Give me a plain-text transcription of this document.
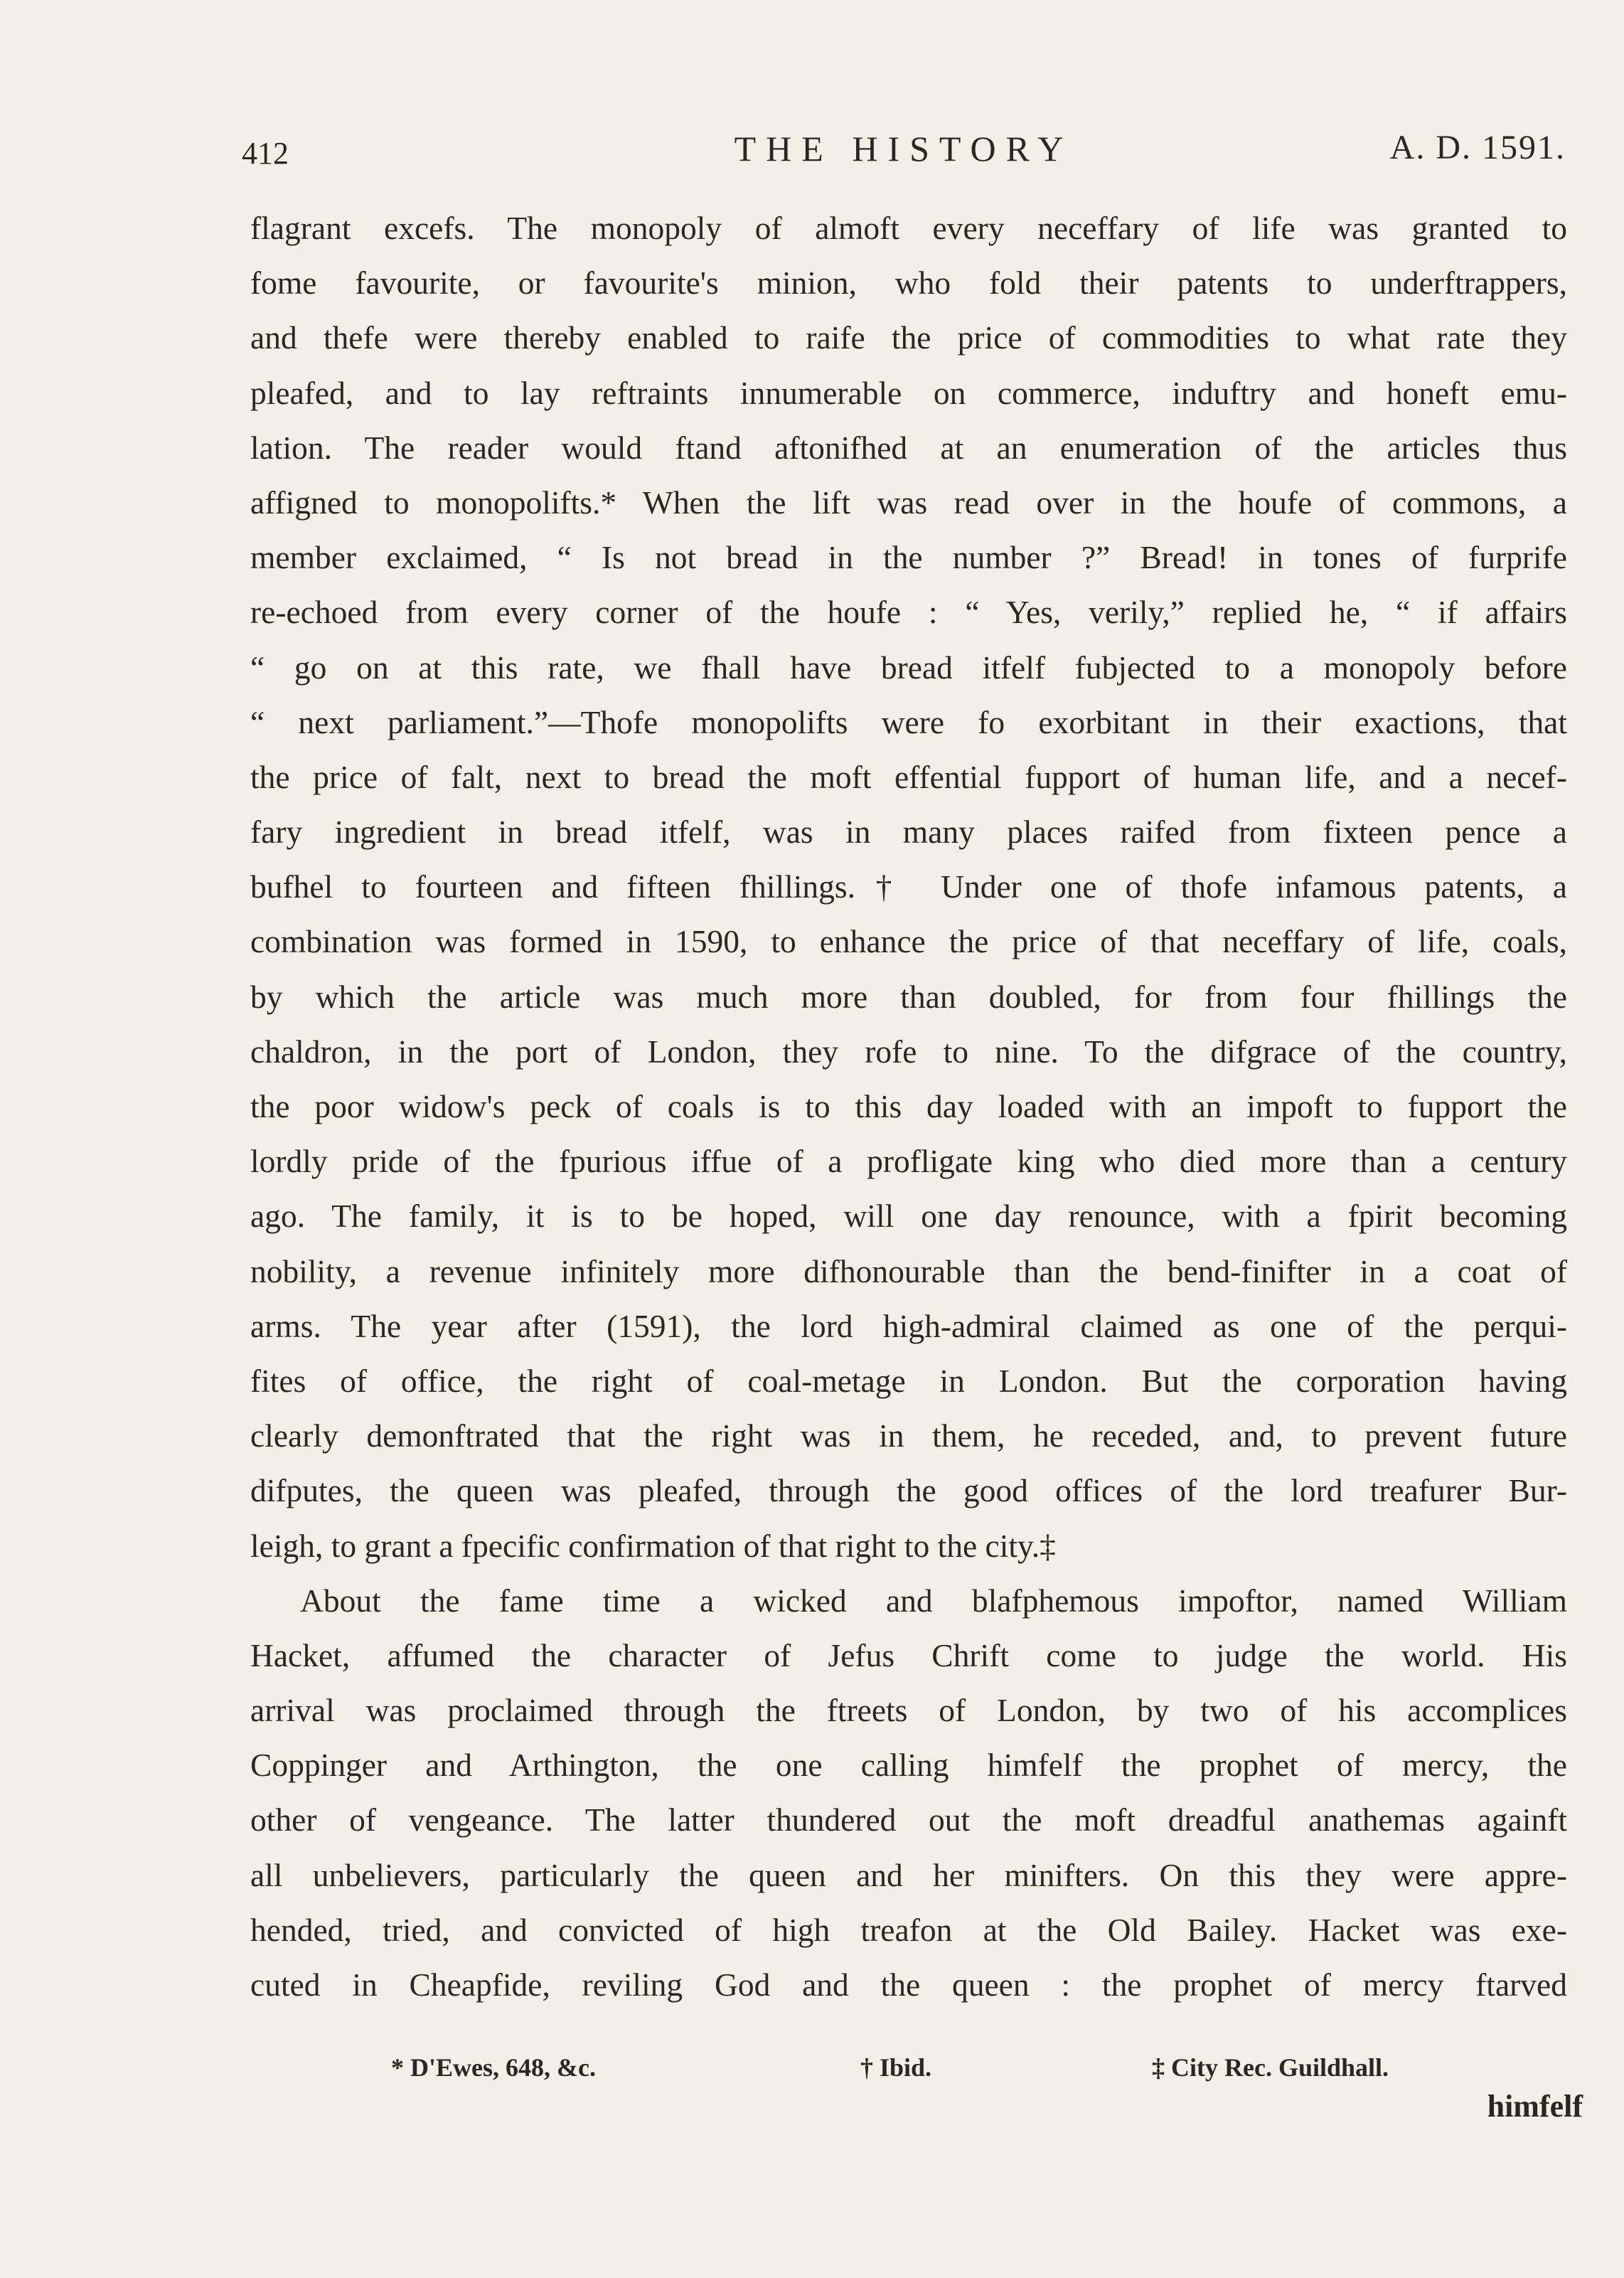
412	THE HISTORY	A. D. 1591.
flagrant excefs. The monopoly of almoft every neceffary of life was granted to
fome favourite, or favourite's minion, who fold their patents to underftrappers,
and thefe were thereby enabled to raife the price of commodities to what rate they
pleafed, and to lay reftraints innumerable on commerce, induftry and honeft emu-
lation. The reader would ftand aftonifhed at an enumeration of the articles thus
affigned to monopolifts.* When the lift was read over in the houfe of commons, a
member exclaimed, “ Is not bread in the number ?” Bread! in tones of furprife
re-echoed from every corner of the houfe : “ Yes, verily,” replied he, “ if affairs
“ go on at this rate, we fhall have bread itfelf fubjected to a monopoly before
“ next parliament.”—Thofe monopolifts were fo exorbitant in their exactions, that
the price of falt, next to bread the moft effential fupport of human life, and a necef-
fary ingredient in bread itfelf, was in many places raifed from fixteen pence a
bufhel to fourteen and fifteen fhillings.† Under one of thofe infamous patents, a
combination was formed in 1590, to enhance the price of that neceffary of life, coals,
by which the article was much more than doubled, for from four fhillings the
chaldron, in the port of London, they rofe to nine. To the difgrace of the country,
the poor widow's peck of coals is to this day loaded with an impoft to fupport the
lordly pride of the fpurious iffue of a profligate king who died more than a century
ago. The family, it is to be hoped, will one day renounce, with a fpirit becoming
nobility, a revenue infinitely more difhonourable than the bend-finifter in a coat of
arms. The year after (1591), the lord high-admiral claimed as one of the perqui-
fites of office, the right of coal-metage in London. But the corporation having
clearly demonftrated that the right was in them, he receded, and, to prevent future
difputes, the queen was pleafed, through the good offices of the lord treafurer Bur-
leigh, to grant a fpecific confirmation of that right to the city.‡
About the fame time a wicked and blafphemous impoftor, named William
Hacket, affumed the character of Jefus Chrift come to judge the world. His
arrival was proclaimed through the ftreets of London, by two of his accomplices
Coppinger and Arthington, the one calling himfelf the prophet of mercy, the
other of vengeance. The latter thundered out the moft dreadful anathemas againft
all unbelievers, particularly the queen and her minifters. On this they were appre-
hended, tried, and convicted of high treafon at the Old Bailey. Hacket was exe-
cuted in Cheapfide, reviling God and the queen : the prophet of mercy ftarved
* D'Ewes, 648, &c.	† Ibid.	‡ City Rec. Guildhall.
himfelf
